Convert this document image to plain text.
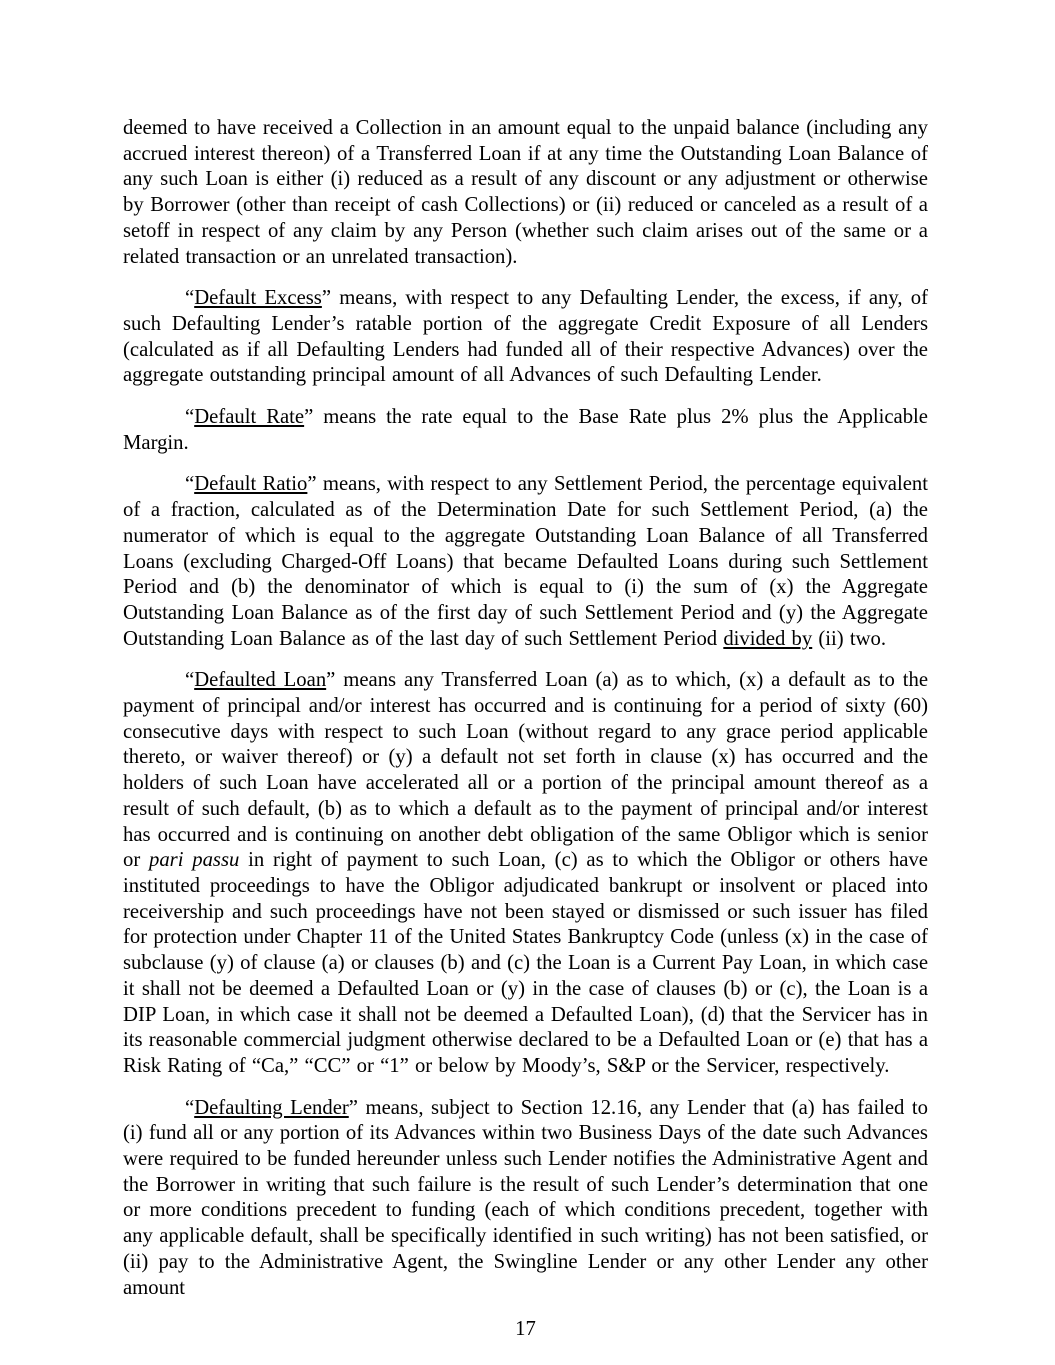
deemed to have received a Collection in an amount equal to the unpaid balance (including any accrued interest thereon) of a Transferred Loan if at any time the Outstanding Loan Balance of any such Loan is either (i) reduced as a result of any discount or any adjustment or otherwise by Borrower (other than receipt of cash Collections) or (ii) reduced or canceled as a result of a setoff in respect of any claim by any Person (whether such claim arises out of the same or a related transaction or an unrelated transaction).

“Default Excess” means, with respect to any Defaulting Lender, the excess, if any, of such Defaulting Lender’s ratable portion of the aggregate Credit Exposure of all Lenders (calculated as if all Defaulting Lenders had funded all of their respective Advances) over the aggregate outstanding principal amount of all Advances of such Defaulting Lender.

“Default Rate” means the rate equal to the Base Rate plus 2% plus the Applicable Margin.

“Default Ratio” means, with respect to any Settlement Period, the percentage equivalent of a fraction, calculated as of the Determination Date for such Settlement Period, (a) the numerator of which is equal to the aggregate Outstanding Loan Balance of all Transferred Loans (excluding Charged-Off Loans) that became Defaulted Loans during such Settlement Period and (b) the denominator of which is equal to (i) the sum of (x) the Aggregate Outstanding Loan Balance as of the first day of such Settlement Period and (y) the Aggregate Outstanding Loan Balance as of the last day of such Settlement Period divided by (ii) two.

“Defaulted Loan” means any Transferred Loan (a) as to which, (x) a default as to the payment of principal and/or interest has occurred and is continuing for a period of sixty (60) consecutive days with respect to such Loan (without regard to any grace period applicable thereto, or waiver thereof) or (y) a default not set forth in clause (x) has occurred and the holders of such Loan have accelerated all or a portion of the principal amount thereof as a result of such default, (b) as to which a default as to the payment of principal and/or interest has occurred and is continuing on another debt obligation of the same Obligor which is senior or pari passu in right of payment to such Loan, (c) as to which the Obligor or others have instituted proceedings to have the Obligor adjudicated bankrupt or insolvent or placed into receivership and such proceedings have not been stayed or dismissed or such issuer has filed for protection under Chapter 11 of the United States Bankruptcy Code (unless (x) in the case of subclause (y) of clause (a) or clauses (b) and (c) the Loan is a Current Pay Loan, in which case it shall not be deemed a Defaulted Loan or (y) in the case of clauses (b) or (c), the Loan is a DIP Loan, in which case it shall not be deemed a Defaulted Loan), (d) that the Servicer has in its reasonable commercial judgment otherwise declared to be a Defaulted Loan or (e) that has a Risk Rating of “Ca,” “CC” or “1” or below by Moody’s, S&P or the Servicer, respectively.

“Defaulting Lender” means, subject to Section 12.16, any Lender that (a) has failed to (i) fund all or any portion of its Advances within two Business Days of the date such Advances were required to be funded hereunder unless such Lender notifies the Administrative Agent and the Borrower in writing that such failure is the result of such Lender’s determination that one or more conditions precedent to funding (each of which conditions precedent, together with any applicable default, shall be specifically identified in such writing) has not been satisfied, or (ii) pay to the Administrative Agent, the Swingline Lender or any other Lender any other amount

17
